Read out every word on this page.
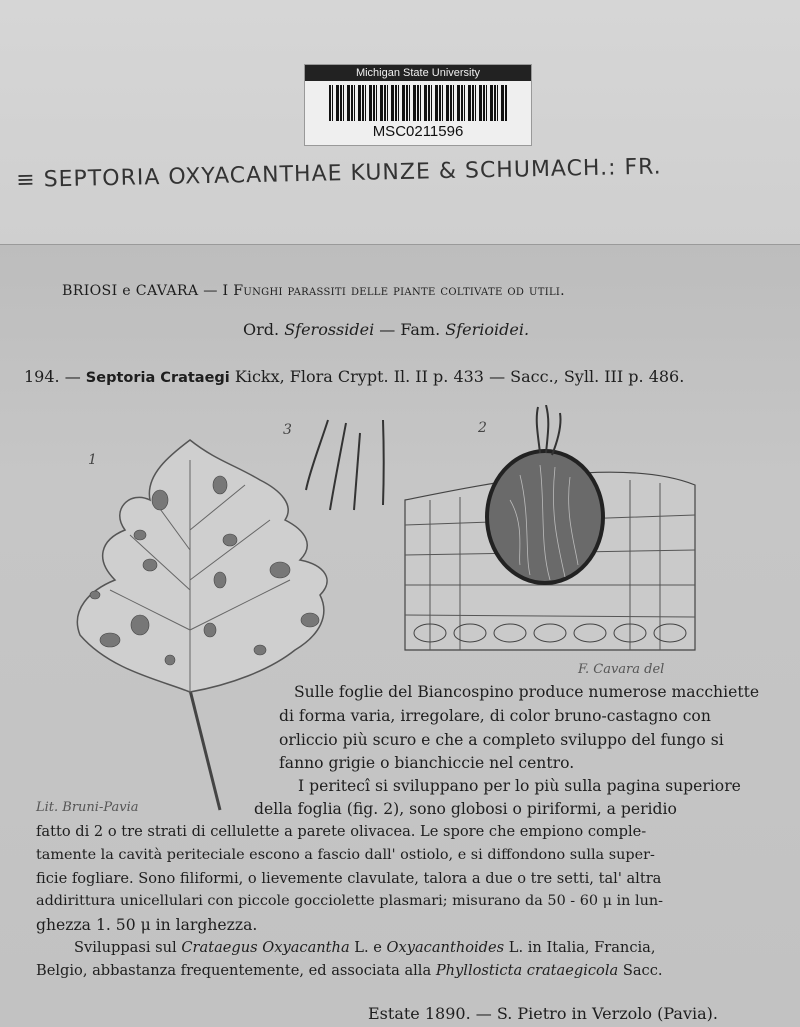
Michigan State University
MSC0211596
≡ SEPTORIA OXYACANTHAE KUNZE & SCHUMACH.: FR.
BRIOSI e CAVARA — I Funghi parassiti delle piante coltivate od utili.
Ord. Sferossidei — Fam. Sferioidei.
194. — Septoria Crataegi Kickx, Flora Crypt. Il. II p. 433 — Sacc., Syll. III p. 486.
1
3	2
F. Cavara del
Lit. Bruni-Pavia
Sulle foglie del Biancospino produce numerose macchiette
di forma varia, irregolare, di color bruno-castagno con
orliccio più scuro e che a completo sviluppo del fungo si
fanno grigie o bianchiccie nel centro.
I peritecî si sviluppano per lo più sulla pagina superiore
della foglia (fig. 2), sono globosi o piriformi, a peridio
fatto di 2 o tre strati di cellulette a parete olivacea. Le spore che empiono comple-
tamente la cavità periteciale escono a fascio dall' ostiolo, e si diffondono sulla super-
ficie fogliare. Sono filiformi, o lievemente clavulate, talora a due o tre setti, tal' altra
addirittura unicellulari con piccole gocciolette plasmari; misurano da 50 - 60 μ in lun-
ghezza 1. 50 μ in larghezza.
Sviluppasi sul Crataegus Oxyacantha L. e Oxyacanthoides L. in Italia, Francia,
Belgio, abbastanza frequentemente, ed associata alla Phyllosticta crataegicola Sacc.
Estate 1890. — S. Pietro in Verzolo (Pavia).
